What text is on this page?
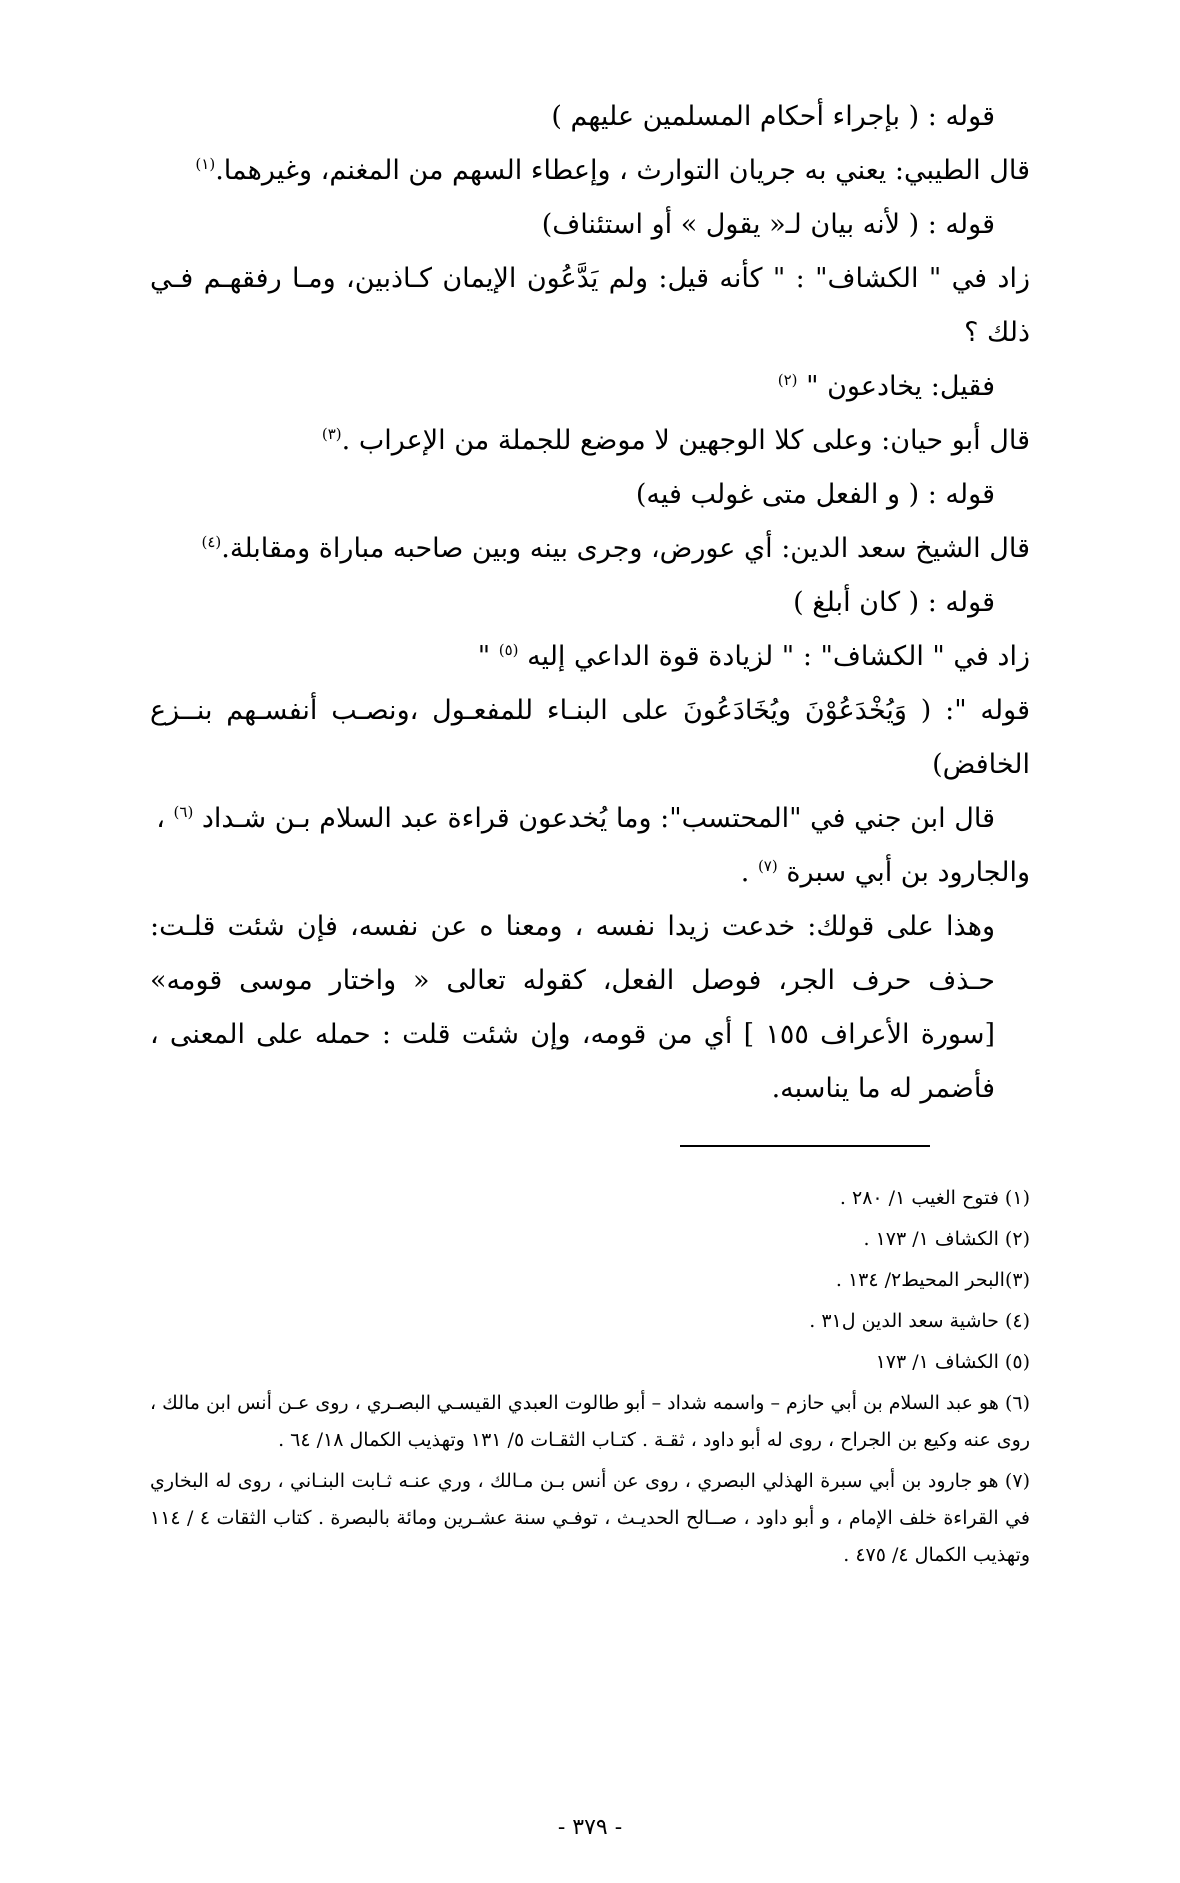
قوله : ( بإجراء أحكام المسلمين عليهم )

قال الطيبي: يعني به جريان التوارث ، وإعطاء السهم من المغنم، وغيرهما.$^{(١)}$

قوله : ( لأنه بيان لـ« يقول » أو استئناف)

زاد في " الكشاف" : " كأنه قيل: ولم يَدَّعُون الإيمان كـاذبين، ومـا رفقهـم فـي ذلك ؟

فقيل: يخادعون " $^{(٢)}$

قال أبو حيان: وعلى كلا الوجهين لا موضع للجملة من الإعراب .$^{(٣)}$

قوله : ( و الفعل متى غولب فيه)

قال الشيخ سعد الدين: أي عورض، وجرى بينه وبين صاحبه مباراة ومقابلة.$^{(٤)}$

قوله : ( كان أبلغ )

زاد في " الكشاف" : " لزيادة قوة الداعي إليه $^{(٥)}$ "

قوله ": ( وَيُخْدَعُوْنَ ويُخَادَعُونَ على البنـاء للمفعـول ،ونصـب أنفسـهم بنــزع الخافض)

قال ابن جني في "المحتسب": وما يُخدعون قراءة عبد السلام بـن شـداد $^{(٦)}$ ،

والجارود بن أبي سبرة $^{(٧)}$ .

وهذا على قولك: خدعت زيدا نفسه ، ومعنا ه عن نفسه، فإن شئت قلـت: حـذف حرف الجر، فوصل الفعل، كقوله تعالى « واختار موسى قومه» [سورة الأعراف ١٥٥ ] أي من قومه، وإن شئت قلت : حمله على المعنى ، فأضمر له ما يناسبه.

(١) فتوح الغيب ١/ ٢٨٠ .

(٢) الكشاف ١/ ١٧٣ .

(٣)البحر المحيط٢/ ١٣٤ .

(٤) حاشية سعد الدين ل٣١ .

(٥) الكشاف ١/ ١٧٣

(٦) هو عبد السلام بن أبي حازم – واسمه شداد – أبو طالوت العبدي القيسـي البصـري ، روى عـن أنس ابن مالك ، روى عنه وكيع بن الجراح ، روى له أبو داود ، ثقـة . كتـاب الثقـات ٥/ ١٣١ وتهذيب الكمال ١٨/ ٦٤ .

(٧) هو جارود بن أبي سبرة الهذلي البصري ، روى عن أنس بـن مـالك ، وري عنـه ثـابت البنـاني ، روى له البخاري في القراءة خلف الإمام ، و أبو داود ، صــالح الحديـث ، توفـي سنة عشـرين ومائة بالبصرة . كتاب الثقات ٤ / ١١٤ وتهذيب الكمال ٤/ ٤٧٥ .

- ٣٧٩ -
